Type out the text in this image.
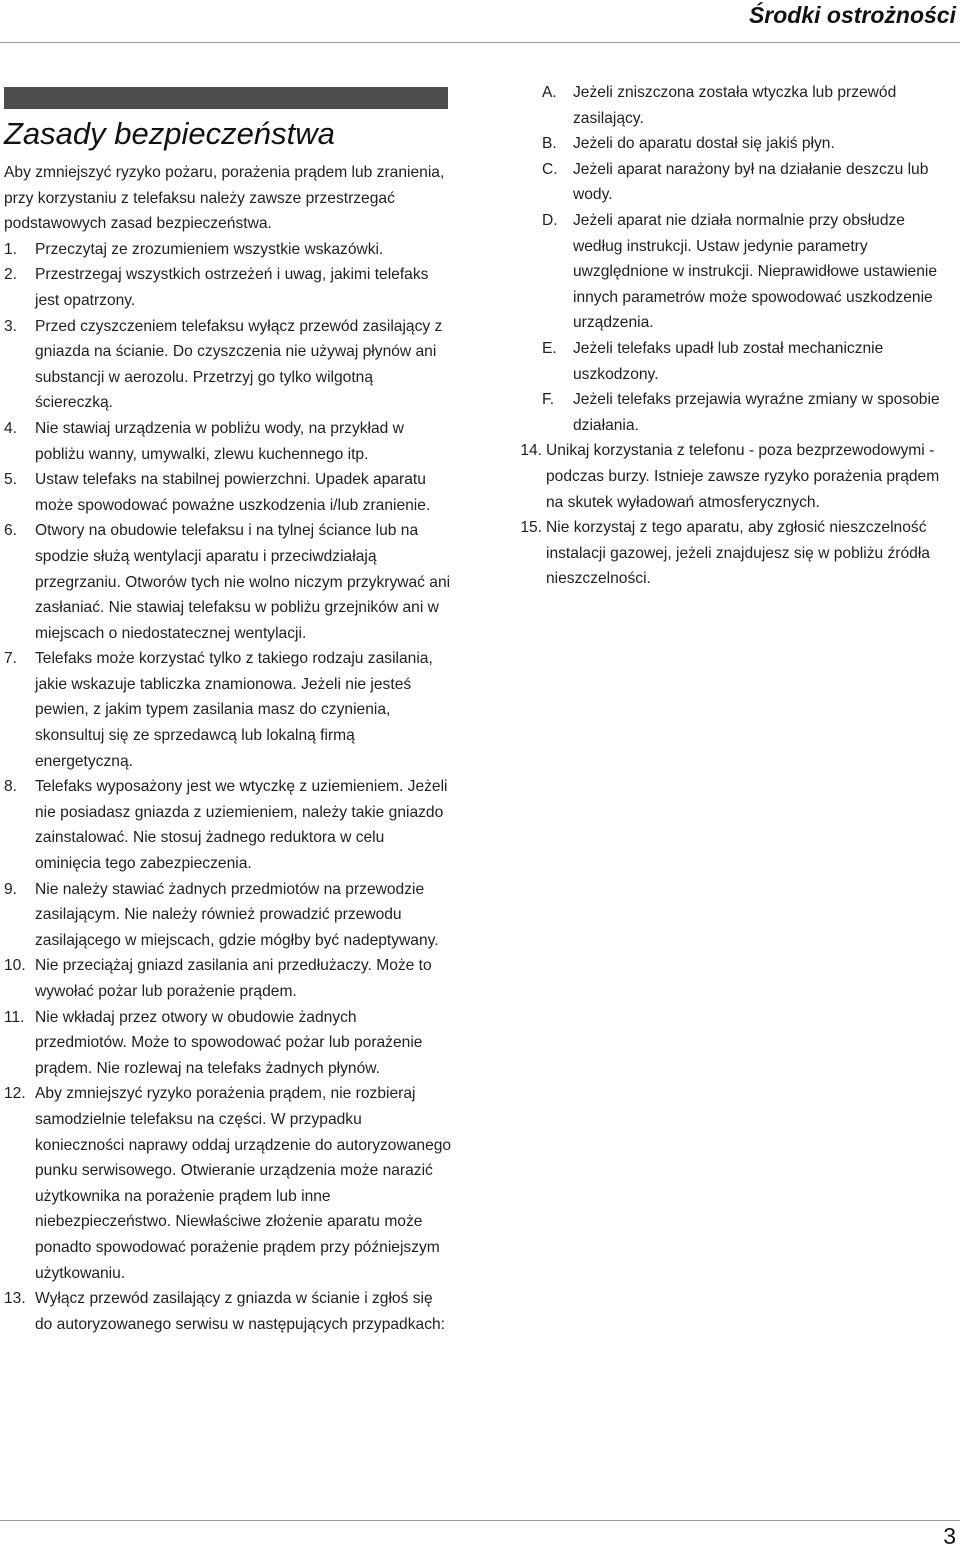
Środki ostrożności
Zasady bezpieczeństwa

Aby zmniejszyć ryzyko pożaru, porażenia prądem lub zranienia, przy korzystaniu z telefaksu należy zawsze przestrzegać podstawowych zasad bezpieczeństwa.

1.	Przeczytaj ze zrozumieniem wszystkie wskazówki.
2.	Przestrzegaj wszystkich ostrzeżeń i uwag, jakimi telefaks jest opatrzony.
3.	Przed czyszczeniem telefaksu wyłącz przewód zasilający z gniazda na ścianie. Do czyszczenia nie używaj płynów ani substancji w aerozolu. Przetrzyj go tylko wilgotną ściereczką.
4.	Nie stawiaj urządzenia w pobliżu wody, na przykład w pobliżu wanny, umywalki, zlewu kuchennego itp.
5.	Ustaw telefaks na stabilnej powierzchni. Upadek aparatu może spowodować poważne uszkodzenia i/lub zranienie.
6.	Otwory na obudowie telefaksu i na tylnej ściance lub na spodzie służą wentylacji aparatu i przeciwdziałają przegrzaniu. Otworów tych nie wolno niczym przykrywać ani zasłaniać. Nie stawiaj telefaksu w pobliżu grzejników ani w miejscach o niedostatecznej wentylacji.
7.	Telefaks może korzystać tylko z takiego rodzaju zasilania, jakie wskazuje tabliczka znamionowa. Jeżeli nie jesteś pewien, z jakim typem zasilania masz do czynienia, skonsultuj się ze sprzedawcą lub lokalną firmą energetyczną.
8.	Telefaks wyposażony jest we wtyczkę z uziemieniem. Jeżeli nie posiadasz gniazda z uziemieniem, należy takie gniazdo zainstalować. Nie stosuj żadnego reduktora w celu ominięcia tego zabezpieczenia.
9.	Nie należy stawiać żadnych przedmiotów na przewodzie zasilającym. Nie należy również prowadzić przewodu zasilającego w miejscach, gdzie mógłby być nadeptywany.
10. Nie przeciążaj gniazd zasilania ani przedłużaczy. Może to wywołać pożar lub porażenie prądem.
11. Nie wkładaj przez otwory w obudowie żadnych przedmiotów. Może to spowodować pożar lub porażenie prądem. Nie rozlewaj na telefaks żadnych płynów.
12. Aby zmniejszyć ryzyko porażenia prądem, nie rozbieraj samodzielnie telefaksu na części. W przypadku konieczności naprawy oddaj urządzenie do autoryzowanego punku serwisowego. Otwieranie urządzenia może narazić użytkownika na porażenie prądem lub inne niebezpieczeństwo. Niewłaściwe złożenie aparatu może ponadto spowodować porażenie prądem przy późniejszym użytkowaniu.
13. Wyłącz przewód zasilający z gniazda w ścianie i zgłoś się do autoryzowanego serwisu w następujących przypadkach:
A.	Jeżeli zniszczona została wtyczka lub przewód zasilający.
B.	Jeżeli do aparatu dostał się jakiś płyn.
C. Jeżeli aparat narażony był na działanie deszczu lub wody.
D. Jeżeli aparat nie działa normalnie przy obsłudze według instrukcji. Ustaw jedynie parametry uwzględnione w instrukcji. Nieprawidłowe ustawienie innych parametrów może spowodować uszkodzenie urządzenia.
E.	Jeżeli telefaks upadł lub został mechanicznie uszkodzony.
F.	Jeżeli telefaks przejawia wyraźne zmiany w sposobie działania.
14. Unikaj korzystania z telefonu - poza bezprzewodowymi - podczas burzy. Istnieje zawsze ryzyko porażenia prądem na skutek wyładowań atmosferycznych.
15. Nie korzystaj z tego aparatu, aby zgłosić nieszczelność instalacji gazowej, jeżeli znajdujesz się w pobliżu źródła nieszczelności.
3
